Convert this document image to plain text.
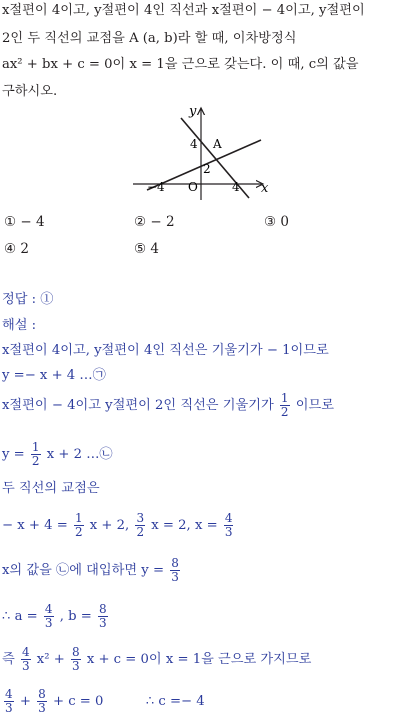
x절편이 4이고, y절편이 4인 직선과 x절편이 − 4이고, y절편이
2인 두 직선의 교점을 A (a, b)라 할 때, 이차방정식
ax² + bx + c = 0이 x = 1을 근으로 갖는다. 이 때, c의 값을
구하시오.
y
x
4 A
2
−4 O	4
① − 4	② − 2	③ 0
④ 2	⑤ 4
정답 : ①
해설 :
x절편이 4이고, y절편이 4인 직선은 기울기가 − 1이므로
y =− x + 4 …㉠
x절편이 − 4이고 y절편이 2인 직선은 기울기가 $\frac{1}{2}$ 이므로
$y = \frac{1}{2}$ x + 2 …㉡
두 직선의 교점은
− $x + 4 = \frac{1}{2}$ x + 2, $\frac{3}{2}$ x = 2, $x = \frac{4}{3}$
x의 값을 ㉡에 대입하면 $y = \frac{8}{3}$
∴ $a = \frac{4}{3}$ , $b = \frac{8}{3}$
즉 $\frac{4}{3} x^2 + \frac{8}{3}$ x + c = 0이 x = 1을 근으로 가지므로
$\frac{4}{3} + \frac{8}{3} + c = 0$	∴ c =− 4
